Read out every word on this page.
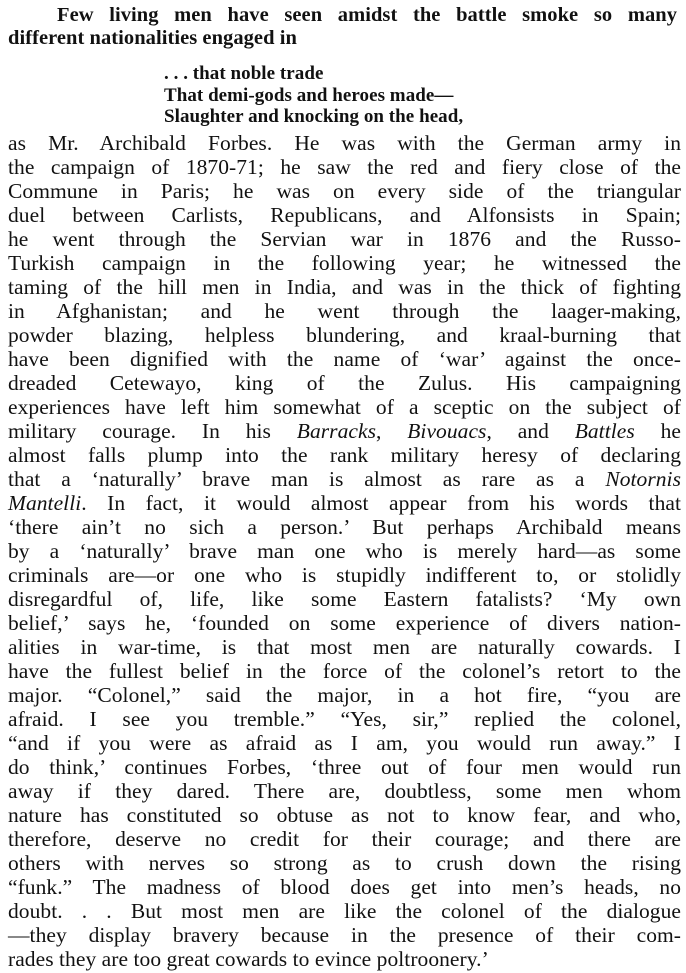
Few living men have seen amidst the battle smoke so many
different nationalities engaged in
. . . that noble trade
That demi-gods and heroes made—
Slaughter and knocking on the head,
as Mr. Archibald Forbes. He was with the German army in
the campaign of 1870-71; he saw the red and fiery close of the
Commune in Paris; he was on every side of the triangular
duel between Carlists, Republicans, and Alfonsists in Spain;
he went through the Servian war in 1876 and the Russo-
Turkish campaign in the following year; he witnessed the
taming of the hill men in India, and was in the thick of fighting
in Afghanistan; and he went through the laager-making,
powder blazing, helpless blundering, and kraal-burning that
have been dignified with the name of ‘war’ against the once-
dreaded Cetewayo, king of the Zulus. His campaigning
experiences have left him somewhat of a sceptic on the subject of
military courage. In his Barracks, Bivouacs, and Battles he
almost falls plump into the rank military heresy of declaring
that a ‘naturally’ brave man is almost as rare as a Notornis
Mantelli. In fact, it would almost appear from his words that
‘there ain’t no sich a person.’ But perhaps Archibald means
by a ‘naturally’ brave man one who is merely hard—as some
criminals are—or one who is stupidly indifferent to, or stolidly
disregardful of, life, like some Eastern fatalists? ‘My own
belief,’ says he, ‘founded on some experience of divers nation-
alities in war-time, is that most men are naturally cowards. I
have the fullest belief in the force of the colonel’s retort to the
major. “Colonel,” said the major, in a hot fire, “you are
afraid. I see you tremble.” “Yes, sir,” replied the colonel,
“and if you were as afraid as I am, you would run away.” I
do think,’ continues Forbes, ‘three out of four men would run
away if they dared. There are, doubtless, some men whom
nature has constituted so obtuse as not to know fear, and who,
therefore, deserve no credit for their courage; and there are
others with nerves so strong as to crush down the rising
“funk.” The madness of blood does get into men’s heads, no
doubt. . . But most men are like the colonel of the dialogue
—they display bravery because in the presence of their com-
rades they are too great cowards to evince poltroonery.’
